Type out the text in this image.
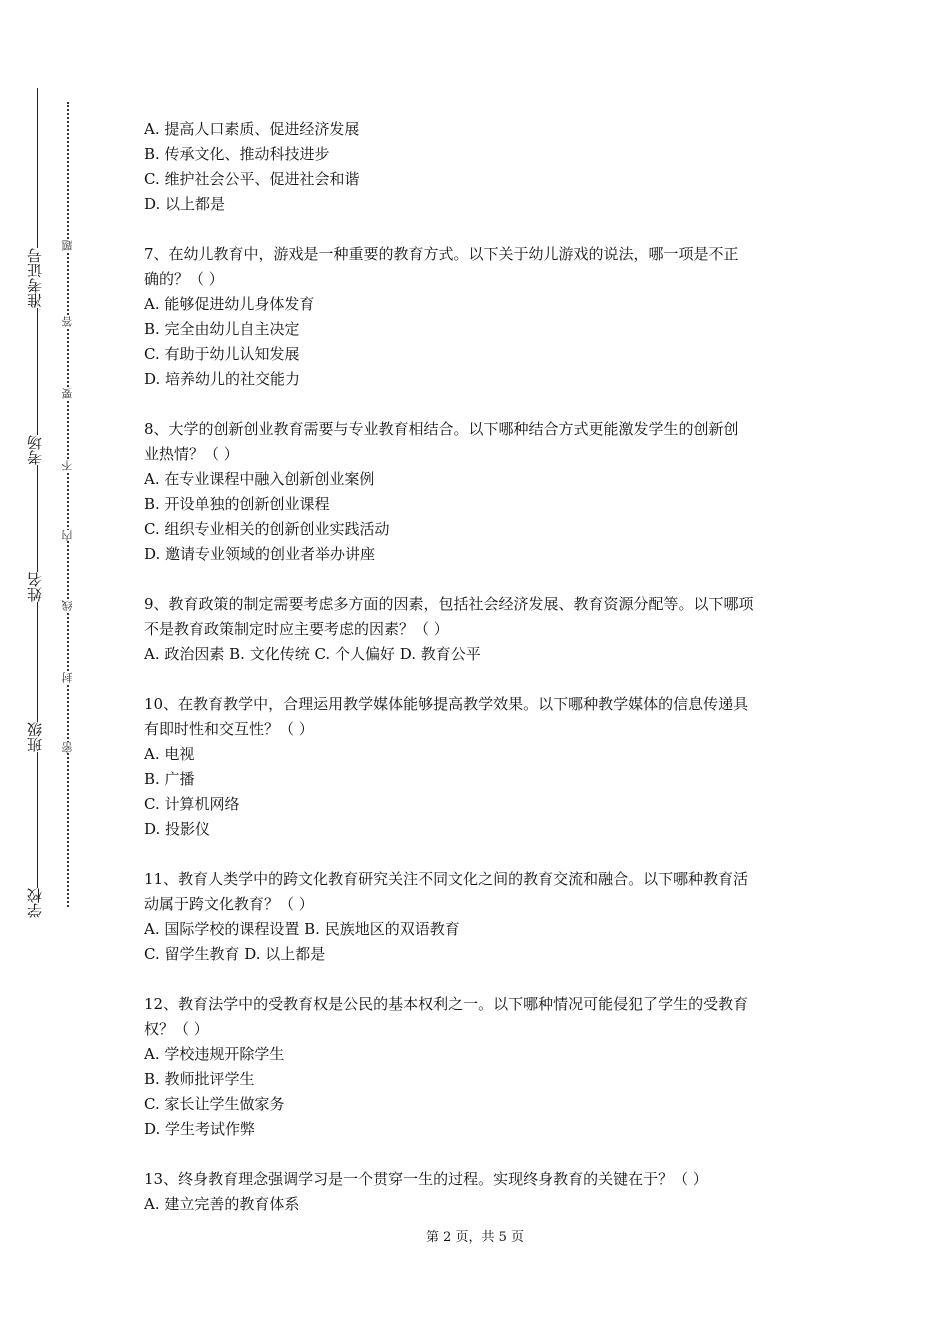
准考证号
考场
姓名
班级
学校
题
答
要
不
内
线
封
密
A. 提高人口素质、促进经济发展
B. 传承文化、推动科技进步
C. 维护社会公平、促进社会和谐
D. 以上都是
7、在幼儿教育中，游戏是一种重要的教育方式。以下关于幼儿游戏的说法，哪一项是不正
确的？（ ）
A. 能够促进幼儿身体发育
B. 完全由幼儿自主决定
C. 有助于幼儿认知发展
D. 培养幼儿的社交能力
8、大学的创新创业教育需要与专业教育相结合。以下哪种结合方式更能激发学生的创新创
业热情？（ ）
A. 在专业课程中融入创新创业案例
B. 开设单独的创新创业课程
C. 组织专业相关的创新创业实践活动
D. 邀请专业领域的创业者举办讲座
9、教育政策的制定需要考虑多方面的因素，包括社会经济发展、教育资源分配等。以下哪项
不是教育政策制定时应主要考虑的因素？（ ）
A. 政治因素 B. 文化传统 C. 个人偏好 D. 教育公平
10、在教育教学中，合理运用教学媒体能够提高教学效果。以下哪种教学媒体的信息传递具
有即时性和交互性？（ ）
A. 电视
B. 广播
C. 计算机网络
D. 投影仪
11、教育人类学中的跨文化教育研究关注不同文化之间的教育交流和融合。以下哪种教育活
动属于跨文化教育？（ ）
A. 国际学校的课程设置 B. 民族地区的双语教育
C. 留学生教育 D. 以上都是
12、教育法学中的受教育权是公民的基本权利之一。以下哪种情况可能侵犯了学生的受教育
权？（ ）
A. 学校违规开除学生
B. 教师批评学生
C. 家长让学生做家务
D. 学生考试作弊
13、终身教育理念强调学习是一个贯穿一生的过程。实现终身教育的关键在于？（ ）
A. 建立完善的教育体系
第 2 页，共 5 页
